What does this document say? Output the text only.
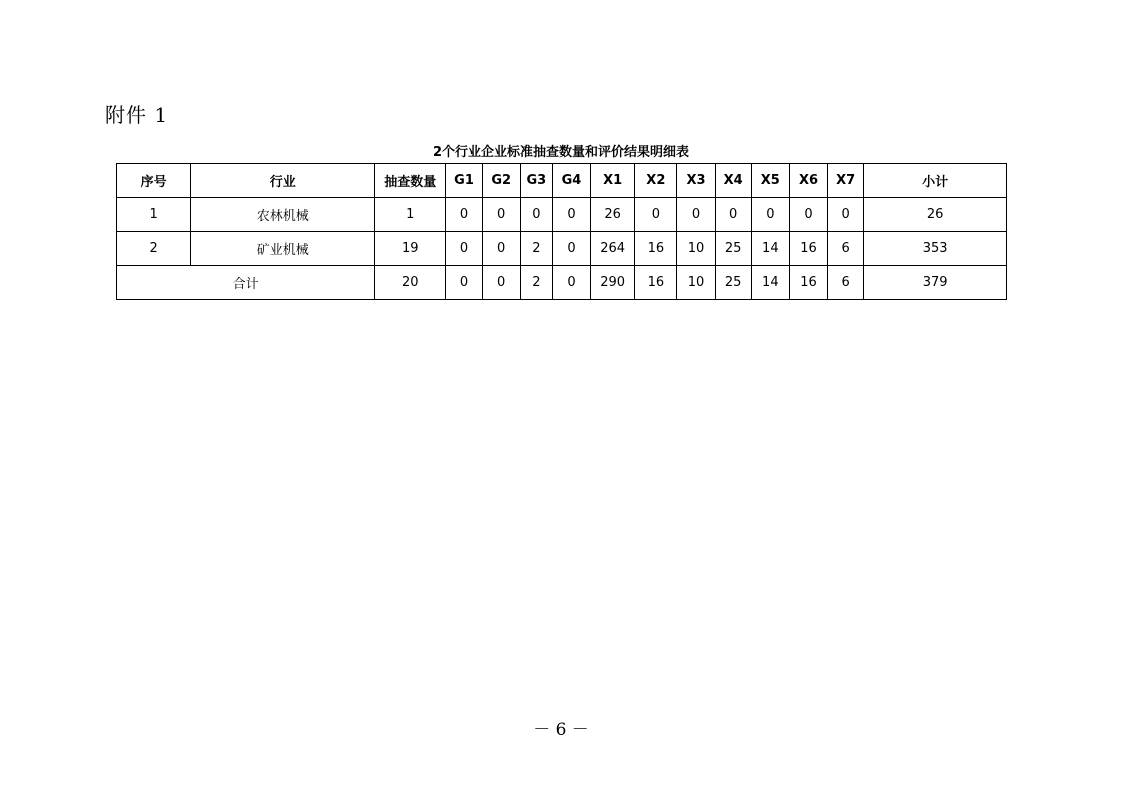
附件 1
2个行业企业标准抽查数量和评价结果明细表
序号	行业	抽查数量	G1	G2	G3	G4	X1	X2	X3	X4	X5	X6	X7	小计
1	农林机械	1	0	0	0	0	26	0	0	0	0	0	0	26
2	矿业机械	19	0	0	2	0	264	16	10	25	14	16	6	353
合计		20	0	0	2	0	290	16	10	25	14	16	6	379
－ 6 －
